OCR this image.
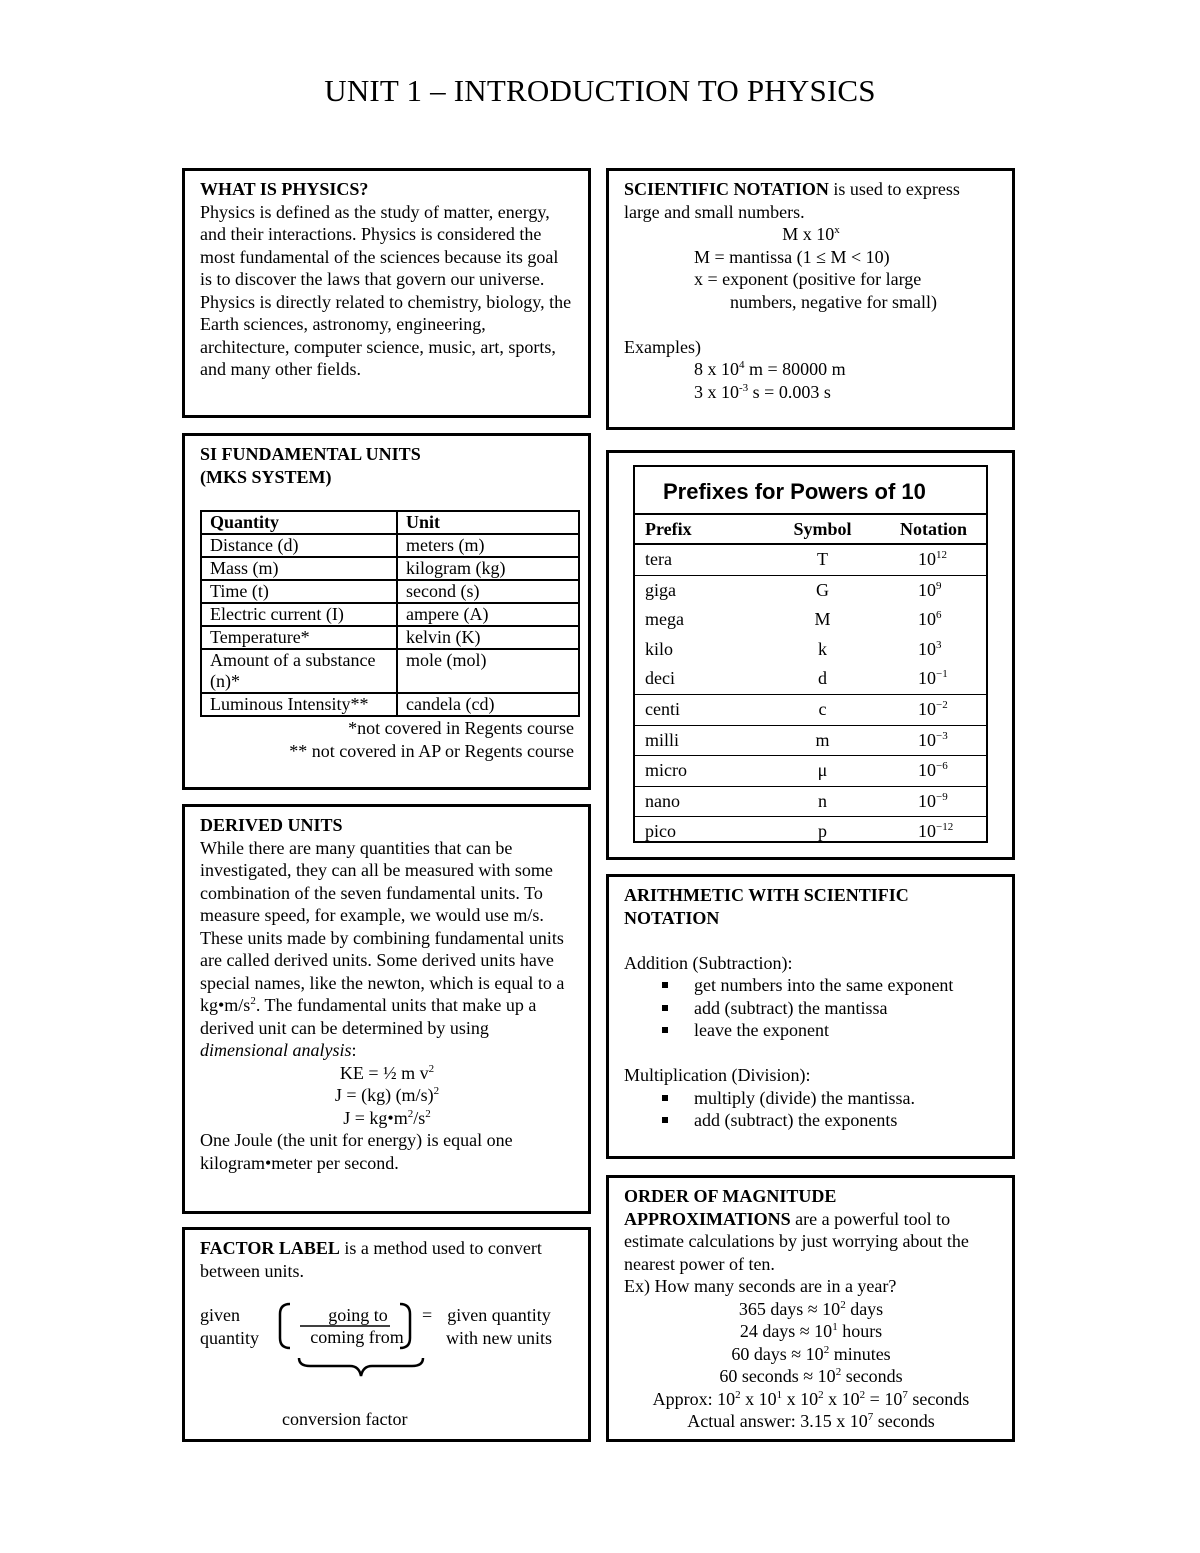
UNIT 1 – INTRODUCTION TO PHYSICS

WHAT IS PHYSICS?

Physics is defined as the study of matter, energy, and their interactions. Physics is considered the most fundamental of the sciences because its goal is to discover the laws that govern our universe. Physics is directly related to chemistry, biology, the Earth sciences, astronomy, engineering, architecture, computer science, music, art, sports, and many other fields.

SCIENTIFIC NOTATION is used to express large and small numbers.

M x 10$^x$

M = mantissa (1 ≤ M < 10)

x = exponent (positive for large

numbers, negative for small)

Examples)

8 x $10^4$ m = 80000 m

3 x $10^{-3}$ s = 0.003 s

SI FUNDAMENTAL UNITS

(MKS SYSTEM)

Quantity	Unit
Distance (d)	meters (m)
Mass (m)	kilogram (kg)
Time (t)	second (s)
Electric current (I)	ampere (A)
Temperature*	kelvin (K)
Amount of a substance (n)*	mole (mol)
Luminous Intensity**	candela (cd)

*not covered in Regents course

** not covered in AP or Regents course

Prefixes for Powers of 10
Prefix	Symbol	Notation
tera	T	$10^{12}$
giga	G	$10^9$
mega	M	$10^6$
kilo	k	$10^3$
deci	d	$10^{-1}$
centi	c	$10^{-2}$
milli	m	$10^{-3}$
micro	μ	$10^{-6}$
nano	n	$10^{-9}$
pico	p	$10^{-12}$

DERIVED UNITS

While there are many quantities that can be investigated, they can all be measured with some combination of the seven fundamental units. To measure speed, for example, we would use m/s. These units made by combining fundamental units are called derived units. Some derived units have special names, like the newton, which is equal to a $kg•m/s^2$. The fundamental units that make up a derived unit can be determined by using dimensional analysis:

KE = ½ m $v^2$

J = (kg) $(m/s)^2$

$J = kg•m^2/s^2$

One Joule (the unit for energy) is equal one kilogram•meter per second.

ARITHMETIC WITH SCIENTIFIC NOTATION

Addition (Subtraction):

get numbers into the same exponent
add (subtract) the mantissa
leave the exponent

Multiplication (Division):

multiply (divide) the mantissa.
add (subtract) the exponents

FACTOR LABEL is a method used to convert between units.

given
quantity
going to
coming from
= given quantity
with new units

conversion factor

ORDER OF MAGNITUDE

APPROXIMATIONS are a powerful tool to estimate calculations by just worrying about the nearest power of ten.

Ex) How many seconds are in a year?

365 days ≈ $10^2$ days

24 days ≈ $10^1$ hours

60 days ≈ $10^2$ minutes

60 seconds ≈ $10^2$ seconds

Approx: $10^2$ x $10^1$ x $10^2$ x $10^2 = 10^7$ seconds

Actual answer: 3.15 x $10^7$ seconds
